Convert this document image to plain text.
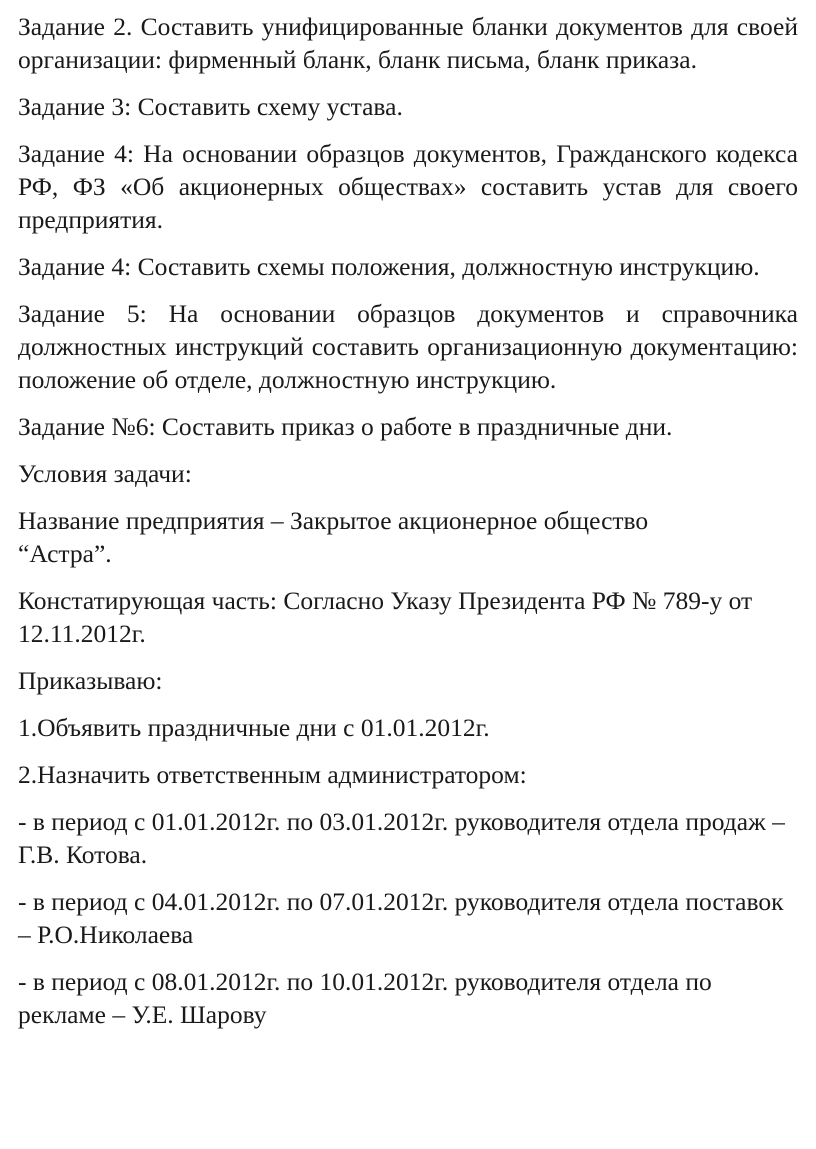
Задание 2. Составить унифицированные бланки документов для своей организации: фирменный бланк, бланк письма, бланк приказа.

Задание 3: Составить схему устава.

Задание 4: На основании образцов документов, Гражданского кодекса РФ, ФЗ «Об акционерных обществах» составить устав для своего предприятия.

Задание 4: Составить схемы положения, должностную инструкцию.

Задание 5: На основании образцов документов и справочника должностных инструкций составить организационную документацию: положение об отделе, должностную инструкцию.

Задание №6: Составить приказ о работе в праздничные дни.

Условия задачи:

Название предприятия – Закрытое акционерное общество “Астра”.

Констатирующая часть: Согласно Указу Президента РФ № 789-у от 12.11.2012г.

Приказываю:

1.Объявить праздничные дни с 01.01.2012г.

2.Назначить ответственным администратором:

- в период с 01.01.2012г. по 03.01.2012г. руководителя отдела продаж – Г.В. Котова.

- в период с 04.01.2012г. по 07.01.2012г. руководителя отдела поставок – Р.О.Николаева

- в период с 08.01.2012г. по 10.01.2012г. руководителя отдела по рекламе – У.Е. Шарову
